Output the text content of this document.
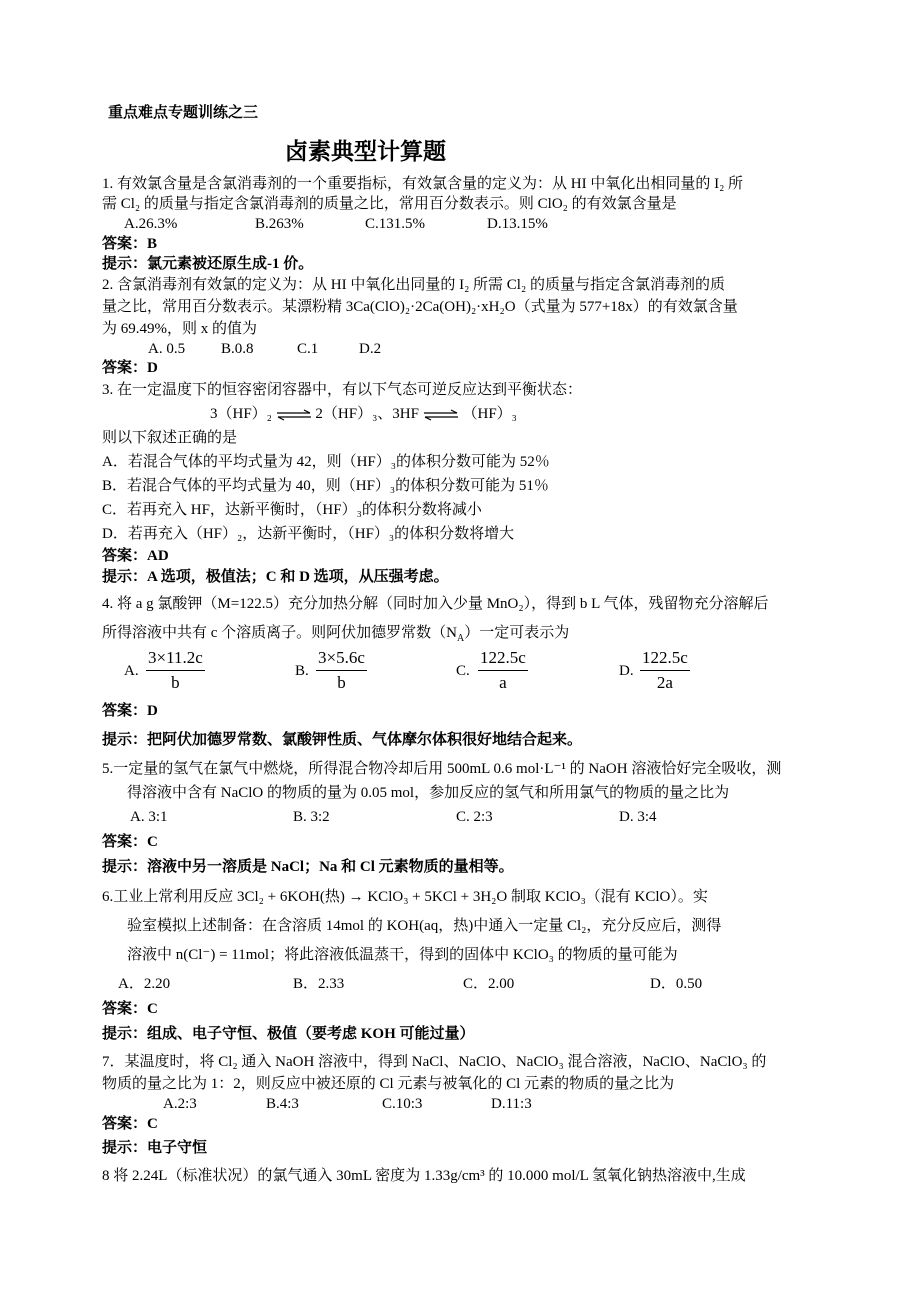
重点难点专题训练之三
卤素典型计算题
1. 有效氯含量是含氯消毒剂的一个重要指标，有效氯含量的定义为：从 HI 中氧化出相同量的 I₂ 所
需 Cl₂ 的质量与指定含氯消毒剂的质量之比，常用百分数表示。则 ClO₂ 的有效氯含量是
A.26.3%	B.263%	C.131.5%	D.13.15%
答案：B
提示：氯元素被还原生成-1 价。
2. 含氯消毒剂有效氯的定义为：从 HI 中氧化出同量的 I₂ 所需 Cl₂ 的质量与指定含氯消毒剂的质
量之比，常用百分数表示。某漂粉精 3Ca(ClO)₂·2Ca(OH)₂·xH₂O（式量为 577+18x）的有效氯含量
为 69.49%，则 x 的值为
A. 0.5 B.0.8	C.1	D.2
答案：D
3. 在一定温度下的恒容密闭容器中，有以下气态可逆反应达到平衡状态：
3（HF）₂ ⇌ 2（HF）₃、3HF ⇌ （HF）₃
则以下叙述正确的是
A．若混合气体的平均式量为 42，则（HF）₃的体积分数可能为 52％
B．若混合气体的平均式量为 40，则（HF）₃的体积分数可能为 51％
C．若再充入 HF，达新平衡时，（HF）₃的体积分数将减小
D．若再充入（HF）₂，达新平衡时，（HF）₃的体积分数将增大
答案：AD
提示：A 选项，极值法；C 和 D 选项，从压强考虑。
4. 将 a g 氯酸钾（M=122.5）充分加热分解（同时加入少量 MnO₂），得到 b L 气体，残留物充分溶解后
所得溶液中共有 c 个溶质离子。则阿伏加德罗常数$(N_A)$一定可表示为
A. $\frac{3\times 11.2c}{b}$	B. $\frac{3\times 5.6c}{b}$	C. $\frac{122.5c}{a}$	D. $\frac{122.5c}{2a}$
答案：D
提示：把阿伏加德罗常数、氯酸钾性质、气体摩尔体积很好地结合起来。
5.一定量的氢气在氯气中燃烧，所得混合物冷却后用 500mL 0.6 mol·L⁻¹ 的 NaOH 溶液恰好完全吸收，测
得溶液中含有 NaClO 的物质的量为 0.05 mol，参加反应的氢气和所用氯气的物质的量之比为
A. 3:1	B. 3:2	C. 2:3	D. 3:4
答案：C
提示：溶液中另一溶质是 NaCl；Na 和 Cl 元素物质的量相等。
6.工业上常利用反应 3Cl₂ + 6KOH(热) → KClO₃ + 5KCl + 3H₂O 制取 KClO₃（混有 KClO）。实
验室模拟上述制备：在含溶质 14mol 的 KOH(aq，热)中通入一定量 Cl₂，充分反应后，测得
溶液中 n(Cl⁻) = 11mol；将此溶液低温蒸干，得到的固体中 KClO₃ 的物质的量可能为
A．2.20	B．2.33	C．2.00	D．0.50
答案：C
提示：组成、电子守恒、极值（要考虑 KOH 可能过量）
7．某温度时，将 Cl₂ 通入 NaOH 溶液中，得到 NaCl、NaClO、NaClO₃ 混合溶液，NaClO、NaClO₃ 的
物质的量之比为 1：2，则反应中被还原的 Cl 元素与被氧化的 Cl 元素的物质的量之比为
A.2:3	B.4:3	C.10:3	D.11:3
答案：C
提示：电子守恒
8 将 2.24L（标准状况）的氯气通入 30mL 密度为 1.33g/cm³ 的 10.000 mol/L 氢氧化钠热溶液中,生成
